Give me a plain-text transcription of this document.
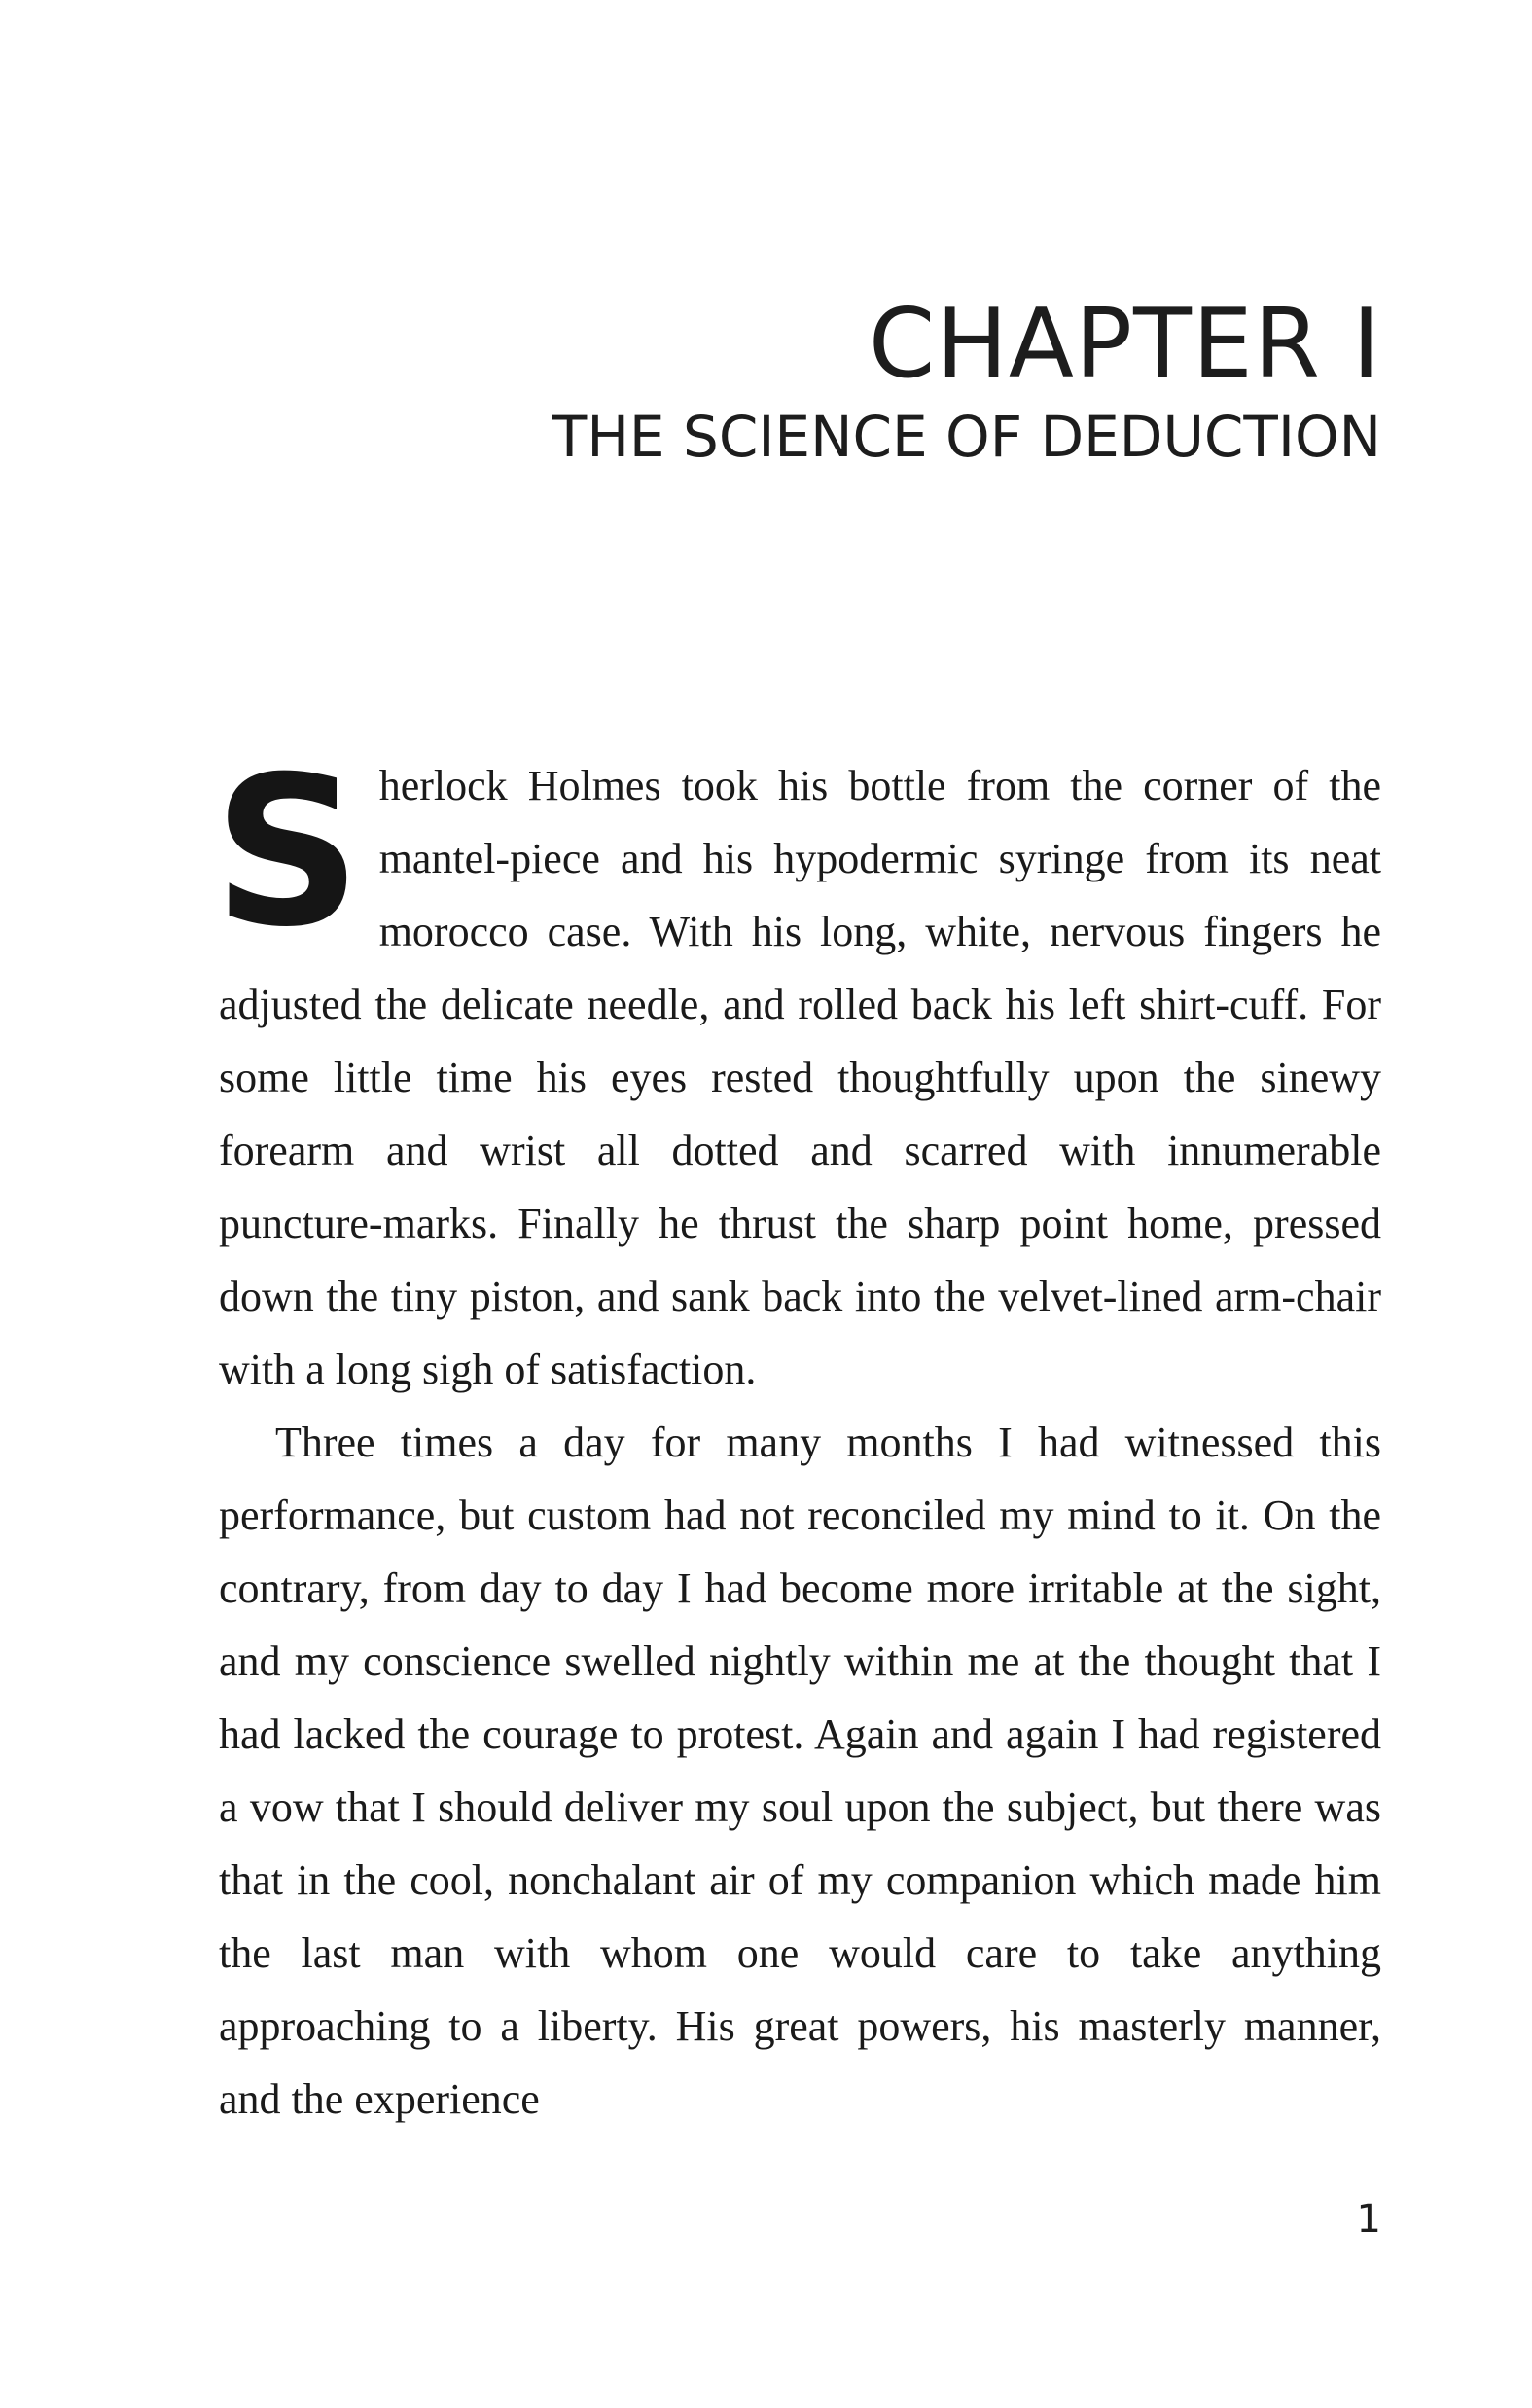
CHAPTER I
THE SCIENCE OF DEDUCTION

Sherlock Holmes took his bottle from the corner of the mantel-piece and his hypodermic syringe from its neat morocco case. With his long, white, nervous fingers he adjusted the delicate needle, and rolled back his left shirt-cuff. For some little time his eyes rested thoughtfully upon the sinewy forearm and wrist all dotted and scarred with innumerable puncture-marks. Finally he thrust the sharp point home, pressed down the tiny piston, and sank back into the velvet-lined arm-chair with a long sigh of satisfaction.

Three times a day for many months I had witnessed this performance, but custom had not reconciled my mind to it. On the contrary, from day to day I had become more irritable at the sight, and my conscience swelled nightly within me at the thought that I had lacked the courage to protest. Again and again I had registered a vow that I should deliver my soul upon the subject, but there was that in the cool, nonchalant air of my companion which made him the last man with whom one would care to take anything approaching to a liberty. His great powers, his masterly manner, and the experience

1
